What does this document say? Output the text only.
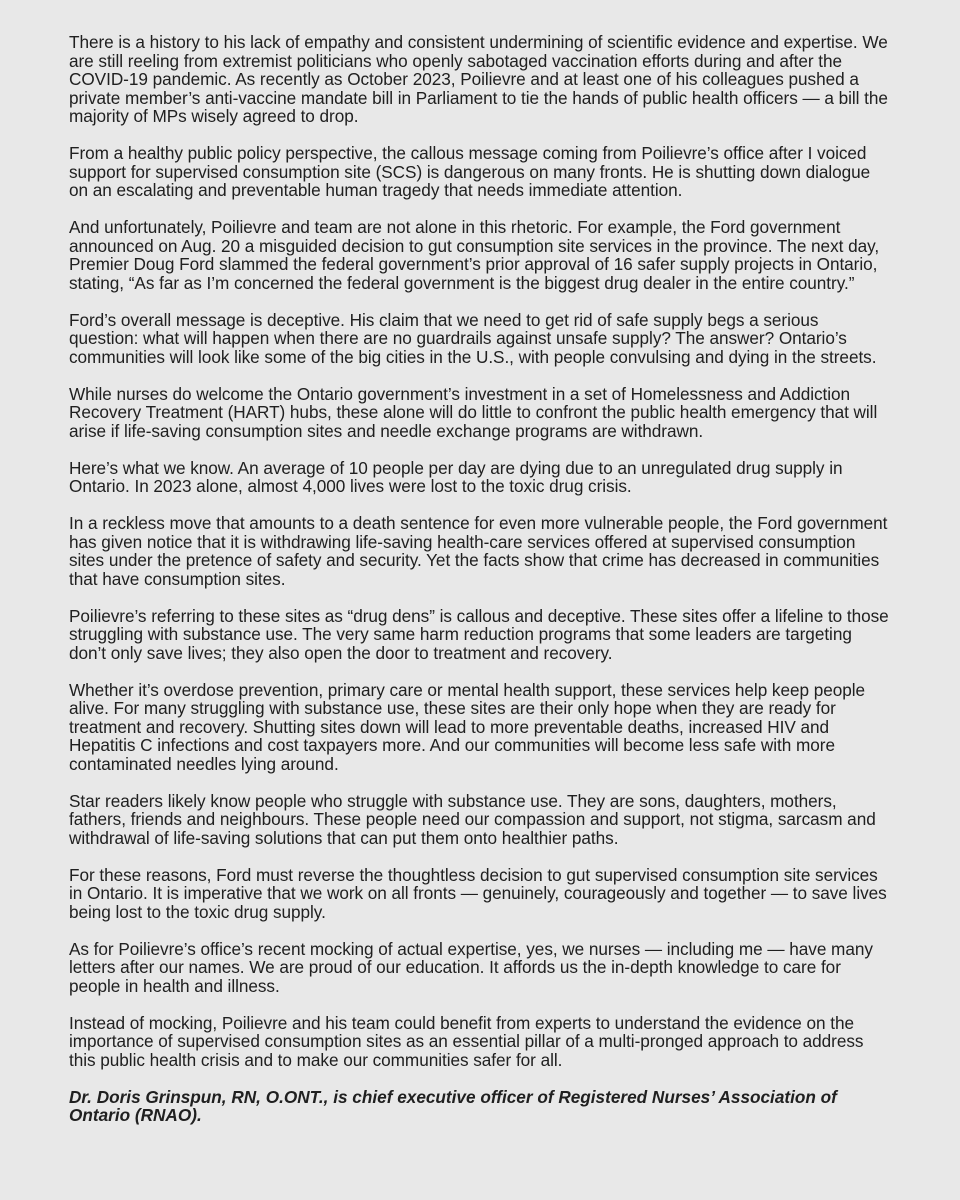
There is a history to his lack of empathy and consistent undermining of scientific evidence and expertise. We are still reeling from extremist politicians who openly sabotaged vaccination efforts during and after the COVID-19 pandemic. As recently as October 2023, Poilievre and at least one of his colleagues pushed a private member’s anti-vaccine mandate bill in Parliament to tie the hands of public health officers — a bill the majority of MPs wisely agreed to drop.

From a healthy public policy perspective, the callous message coming from Poilievre’s office after I voiced support for supervised consumption site (SCS) is dangerous on many fronts. He is shutting down dialogue on an escalating and preventable human tragedy that needs immediate attention.

And unfortunately, Poilievre and team are not alone in this rhetoric. For example, the Ford government announced on Aug. 20 a misguided decision to gut consumption site services in the province. The next day, Premier Doug Ford slammed the federal government’s prior approval of 16 safer supply projects in Ontario, stating, “As far as I’m concerned the federal government is the biggest drug dealer in the entire country.”

Ford’s overall message is deceptive. His claim that we need to get rid of safe supply begs a serious question: what will happen when there are no guardrails against unsafe supply? The answer? Ontario’s communities will look like some of the big cities in the U.S., with people convulsing and dying in the streets.

While nurses do welcome the Ontario government’s investment in a set of Homelessness and Addiction Recovery Treatment (HART) hubs, these alone will do little to confront the public health emergency that will arise if life-saving consumption sites and needle exchange programs are withdrawn.

Here’s what we know. An average of 10 people per day are dying due to an unregulated drug supply in Ontario. In 2023 alone, almost 4,000 lives were lost to the toxic drug crisis.

In a reckless move that amounts to a death sentence for even more vulnerable people, the Ford government has given notice that it is withdrawing life-saving health-care services offered at supervised consumption sites under the pretence of safety and security. Yet the facts show that crime has decreased in communities that have consumption sites.

Poilievre’s referring to these sites as “drug dens” is callous and deceptive. These sites offer a lifeline to those struggling with substance use. The very same harm reduction programs that some leaders are targeting don’t only save lives; they also open the door to treatment and recovery.

Whether it’s overdose prevention, primary care or mental health support, these services help keep people alive. For many struggling with substance use, these sites are their only hope when they are ready for treatment and recovery. Shutting sites down will lead to more preventable deaths, increased HIV and Hepatitis C infections and cost taxpayers more. And our communities will become less safe with more contaminated needles lying around.

Star readers likely know people who struggle with substance use. They are sons, daughters, mothers, fathers, friends and neighbours. These people need our compassion and support, not stigma, sarcasm and withdrawal of life-saving solutions that can put them onto healthier paths.

For these reasons, Ford must reverse the thoughtless decision to gut supervised consumption site services in Ontario. It is imperative that we work on all fronts — genuinely, courageously and together — to save lives being lost to the toxic drug supply.

As for Poilievre’s office’s recent mocking of actual expertise, yes, we nurses — including me — have many letters after our names. We are proud of our education. It affords us the in-depth knowledge to care for people in health and illness.

Instead of mocking, Poilievre and his team could benefit from experts to understand the evidence on the importance of supervised consumption sites as an essential pillar of a multi-pronged approach to address this public health crisis and to make our communities safer for all.

Dr. Doris Grinspun, RN, O.ONT., is chief executive officer of Registered Nurses’ Association of Ontario (RNAO).
